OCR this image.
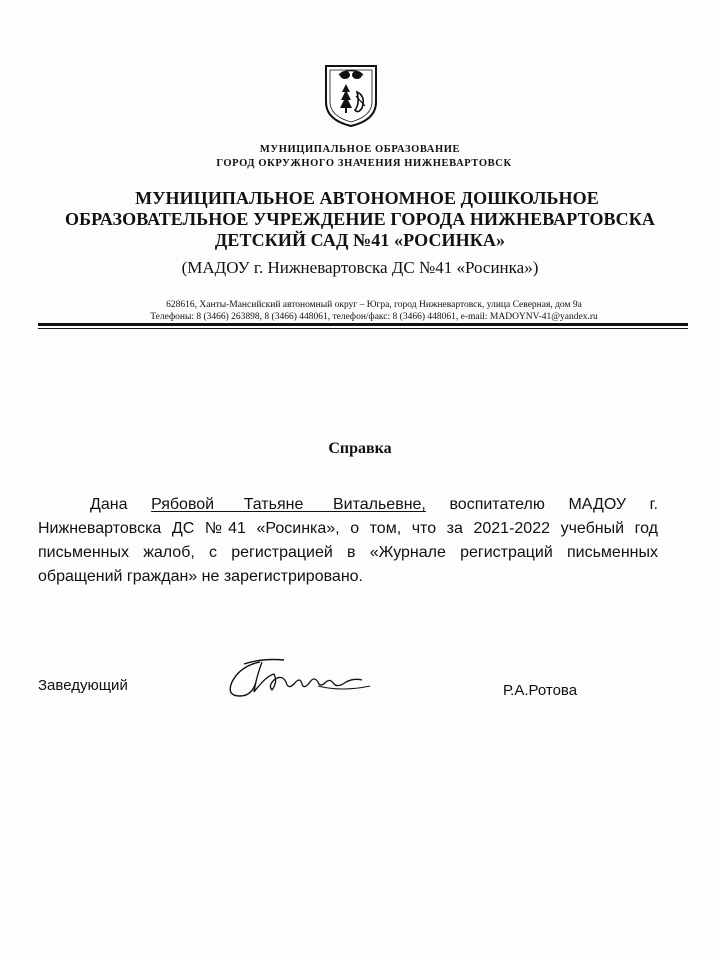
МУНИЦИПАЛЬНОЕ ОБРАЗОВАНИЕ
ГОРОД ОКРУЖНОГО ЗНАЧЕНИЯ НИЖНЕВАРТОВСК
МУНИЦИПАЛЬНОЕ АВТОНОМНОЕ ДОШКОЛЬНОЕ
ОБРАЗОВАТЕЛЬНОЕ УЧРЕЖДЕНИЕ ГОРОДА НИЖНЕВАРТОВСКА
ДЕТСКИЙ САД №41 «РОСИНКА»
(МАДОУ г. Нижневартовска ДС №41 «Росинка»)
628616, Ханты-Мансийский автономный округ – Югра, город Нижневартовск, улица Северная, дом 9а
Телефоны: 8 (3466) 263898, 8 (3466) 448061, телефон/факс: 8 (3466) 448061, e-mail: MADOYNV-41@yandex.ru
Справка
Дана Рябовой Татьяне Витальевне, воспитателю МАДОУ г.
Нижневартовска ДС №41 «Росинка», о том, что за 2021-2022 учебный год
письменных жалоб, с регистрацией в «Журнале регистраций письменных
обращений граждан» не зарегистрировано.
Заведующий	Р.А.Ротова
